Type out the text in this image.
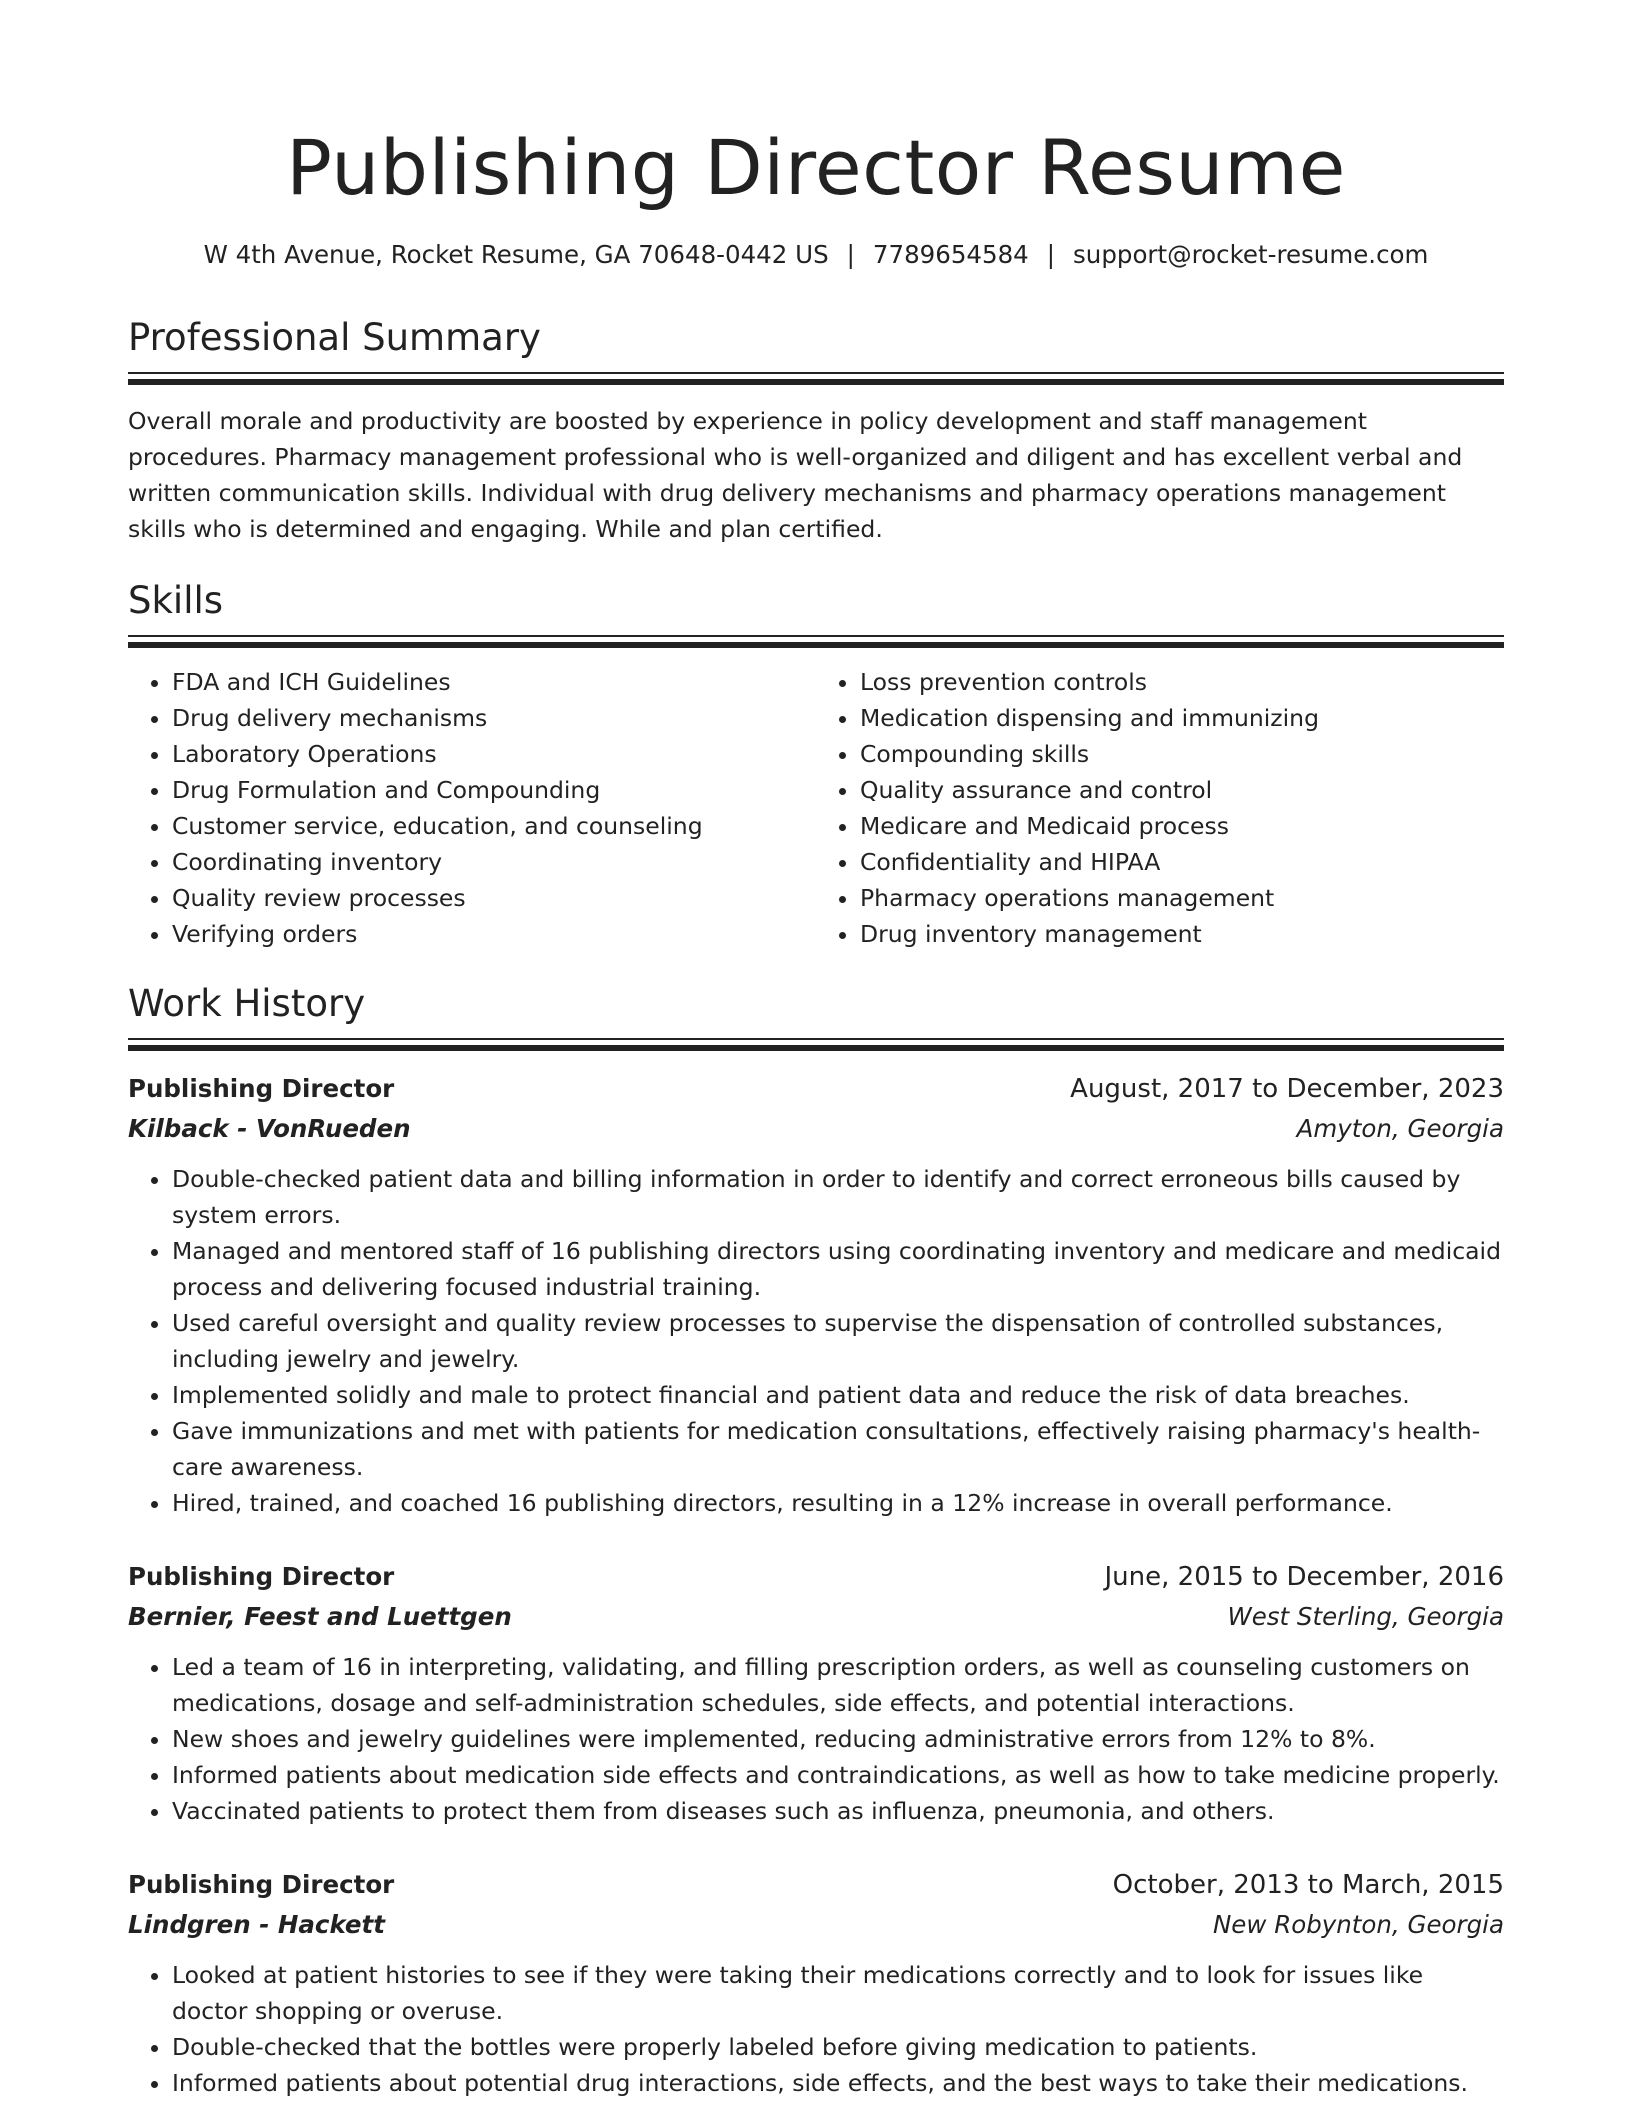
Publishing Director Resume
W 4th Avenue, Rocket Resume, GA 70648-0442 US | 7789654584 | support@rocket-resume.com
Professional Summary

Overall morale and productivity are boosted by experience in policy development and staff management procedures. Pharmacy management professional who is well-organized and diligent and has excellent verbal and written communication skills. Individual with drug delivery mechanisms and pharmacy operations management skills who is determined and engaging. While and plan certified.

Skills
• FDA and ICH Guidelines
• Drug delivery mechanisms
• Laboratory Operations
• Drug Formulation and Compounding
• Customer service, education, and counseling
• Coordinating inventory
• Quality review processes
• Verifying orders
• Loss prevention controls
• Medication dispensing and immunizing
• Compounding skills
• Quality assurance and control
• Medicare and Medicaid process
• Confidentiality and HIPAA
• Pharmacy operations management
• Drug inventory management
Work History
Publishing Director	August, 2017 to December, 2023
Kilback - VonRueden	Amyton, Georgia
• Double-checked patient data and billing information in order to identify and correct erroneous bills caused by system errors.
• Managed and mentored staff of 16 publishing directors using coordinating inventory and medicare and medicaid process and delivering focused industrial training.
• Used careful oversight and quality review processes to supervise the dispensation of controlled substances, including jewelry and jewelry.
• Implemented solidly and male to protect financial and patient data and reduce the risk of data breaches.
• Gave immunizations and met with patients for medication consultations, effectively raising pharmacy's health-care awareness.
• Hired, trained, and coached 16 publishing directors, resulting in a 12% increase in overall performance.
Publishing Director	June, 2015 to December, 2016
Bernier, Feest and Luettgen	West Sterling, Georgia
• Led a team of 16 in interpreting, validating, and filling prescription orders, as well as counseling customers on medications, dosage and self-administration schedules, side effects, and potential interactions.
• New shoes and jewelry guidelines were implemented, reducing administrative errors from 12% to 8%.
• Informed patients about medication side effects and contraindications, as well as how to take medicine properly.
• Vaccinated patients to protect them from diseases such as influenza, pneumonia, and others.
Publishing Director	October, 2013 to March, 2015
Lindgren - Hackett	New Robynton, Georgia
• Looked at patient histories to see if they were taking their medications correctly and to look for issues like doctor shopping or overuse.
• Double-checked that the bottles were properly labeled before giving medication to patients.
• Informed patients about potential drug interactions, side effects, and the best ways to take their medications.
